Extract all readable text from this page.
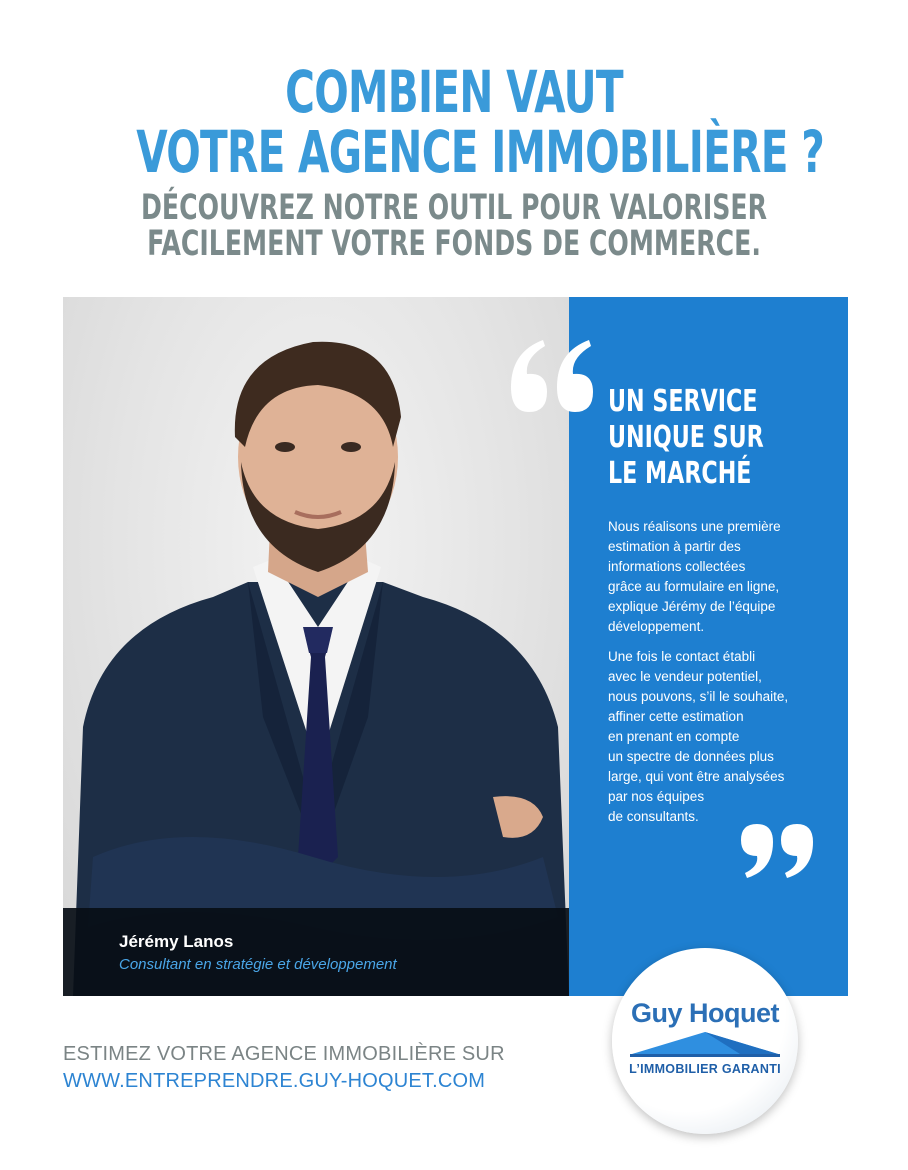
COMBIEN VAUT
VOTRE AGENCE IMMOBILIÈRE ?
DÉCOUVREZ NOTRE OUTIL POUR VALORISER
FACILEMENT VOTRE FONDS DE COMMERCE.
Jérémy Lanos
Consultant en stratégie et développement
UN SERVICE
UNIQUE SUR
LE MARCHÉ
Nous réalisons une première
estimation à partir des
informations collectées
grâce au formulaire en ligne,
explique Jérémy de l’équipe
développement.
Une fois le contact établi
avec le vendeur potentiel,
nous pouvons, s’il le souhaite,
affiner cette estimation
en prenant en compte
un spectre de données plus
large, qui vont être analysées
par nos équipes
de consultants.
ESTIMEZ VOTRE AGENCE IMMOBILIÈRE SUR
WWW.ENTREPRENDRE.GUY-HOQUET.COM
Guy Hoquet
L’IMMOBILIER GARANTI
